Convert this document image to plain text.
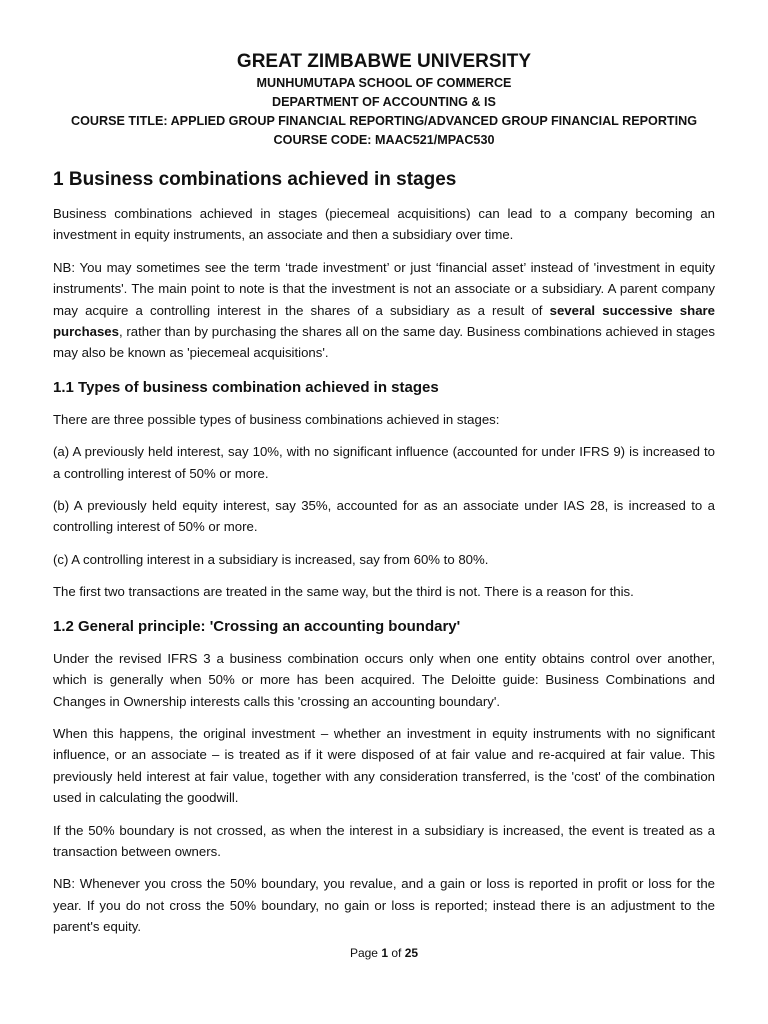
GREAT ZIMBABWE UNIVERSITY
MUNHUMUTAPA SCHOOL OF COMMERCE
DEPARTMENT OF ACCOUNTING & IS
COURSE TITLE: APPLIED GROUP FINANCIAL REPORTING/ADVANCED GROUP FINANCIAL REPORTING
COURSE CODE: MAAC521/MPAC530
1 Business combinations achieved in stages

Business combinations achieved in stages (piecemeal acquisitions) can lead to a company becoming an investment in equity instruments, an associate and then a subsidiary over time.

NB: You may sometimes see the term ‘trade investment’ or just ‘financial asset’ instead of 'investment in equity instruments'. The main point to note is that the investment is not an associate or a subsidiary. A parent company may acquire a controlling interest in the shares of a subsidiary as a result of several successive share purchases, rather than by purchasing the shares all on the same day. Business combinations achieved in stages may also be known as 'piecemeal acquisitions'.

1.1 Types of business combination achieved in stages

There are three possible types of business combinations achieved in stages:

(a) A previously held interest, say 10%, with no significant influence (accounted for under IFRS 9) is increased to a controlling interest of 50% or more.

(b) A previously held equity interest, say 35%, accounted for as an associate under IAS 28, is increased to a controlling interest of 50% or more.

(c) A controlling interest in a subsidiary is increased, say from 60% to 80%.

The first two transactions are treated in the same way, but the third is not. There is a reason for this.

1.2 General principle: 'Crossing an accounting boundary'

Under the revised IFRS 3 a business combination occurs only when one entity obtains control over another, which is generally when 50% or more has been acquired. The Deloitte guide: Business Combinations and Changes in Ownership interests calls this 'crossing an accounting boundary'.

When this happens, the original investment – whether an investment in equity instruments with no significant influence, or an associate – is treated as if it were disposed of at fair value and re-acquired at fair value. This previously held interest at fair value, together with any consideration transferred, is the 'cost' of the combination used in calculating the goodwill.

If the 50% boundary is not crossed, as when the interest in a subsidiary is increased, the event is treated as a transaction between owners.

NB: Whenever you cross the 50% boundary, you revalue, and a gain or loss is reported in profit or loss for the year. If you do not cross the 50% boundary, no gain or loss is reported; instead there is an adjustment to the parent's equity.

Page 1 of 25
